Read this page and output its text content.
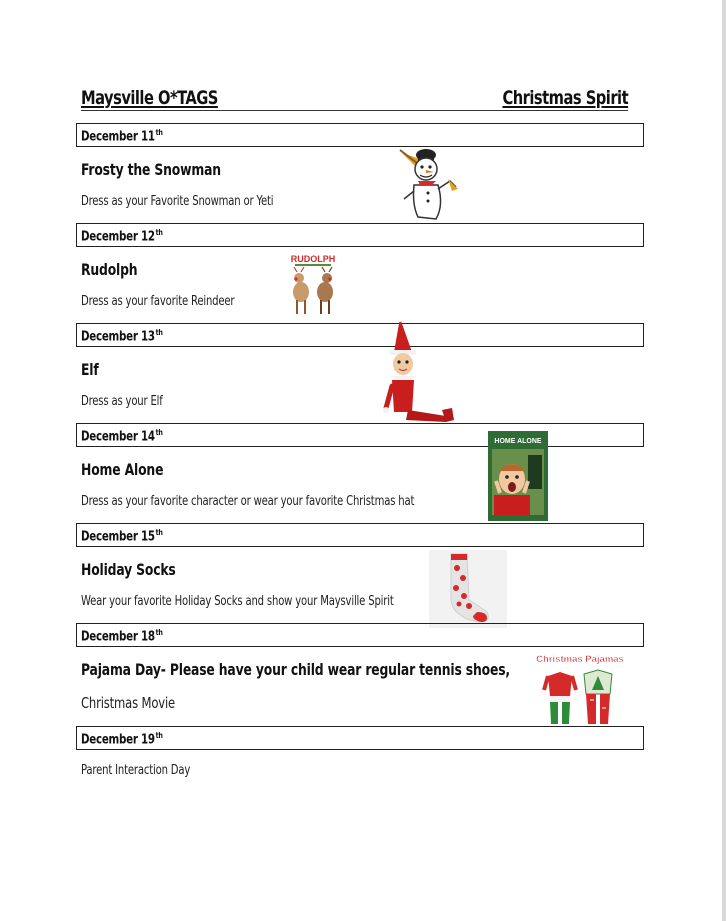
Maysville O*TAGS	Christmas Spirit
December 11th
Frosty the Snowman
Dress as your Favorite Snowman or Yeti
December 12th
Rudolph
Dress as your favorite Reindeer
RUDOLPH
December 13th
Elf
Dress as your Elf
December 14th
Home Alone
Dress as your favorite character or wear your favorite Christmas hat
HOME ALONE
December 15th
Holiday Socks
Wear your favorite Holiday Socks and show your Maysville Spirit
December 18th
Pajama Day- Please have your child wear regular tennis shoes,
Christmas Movie
Christmas Pajamas
December 19th
Parent Interaction Day
